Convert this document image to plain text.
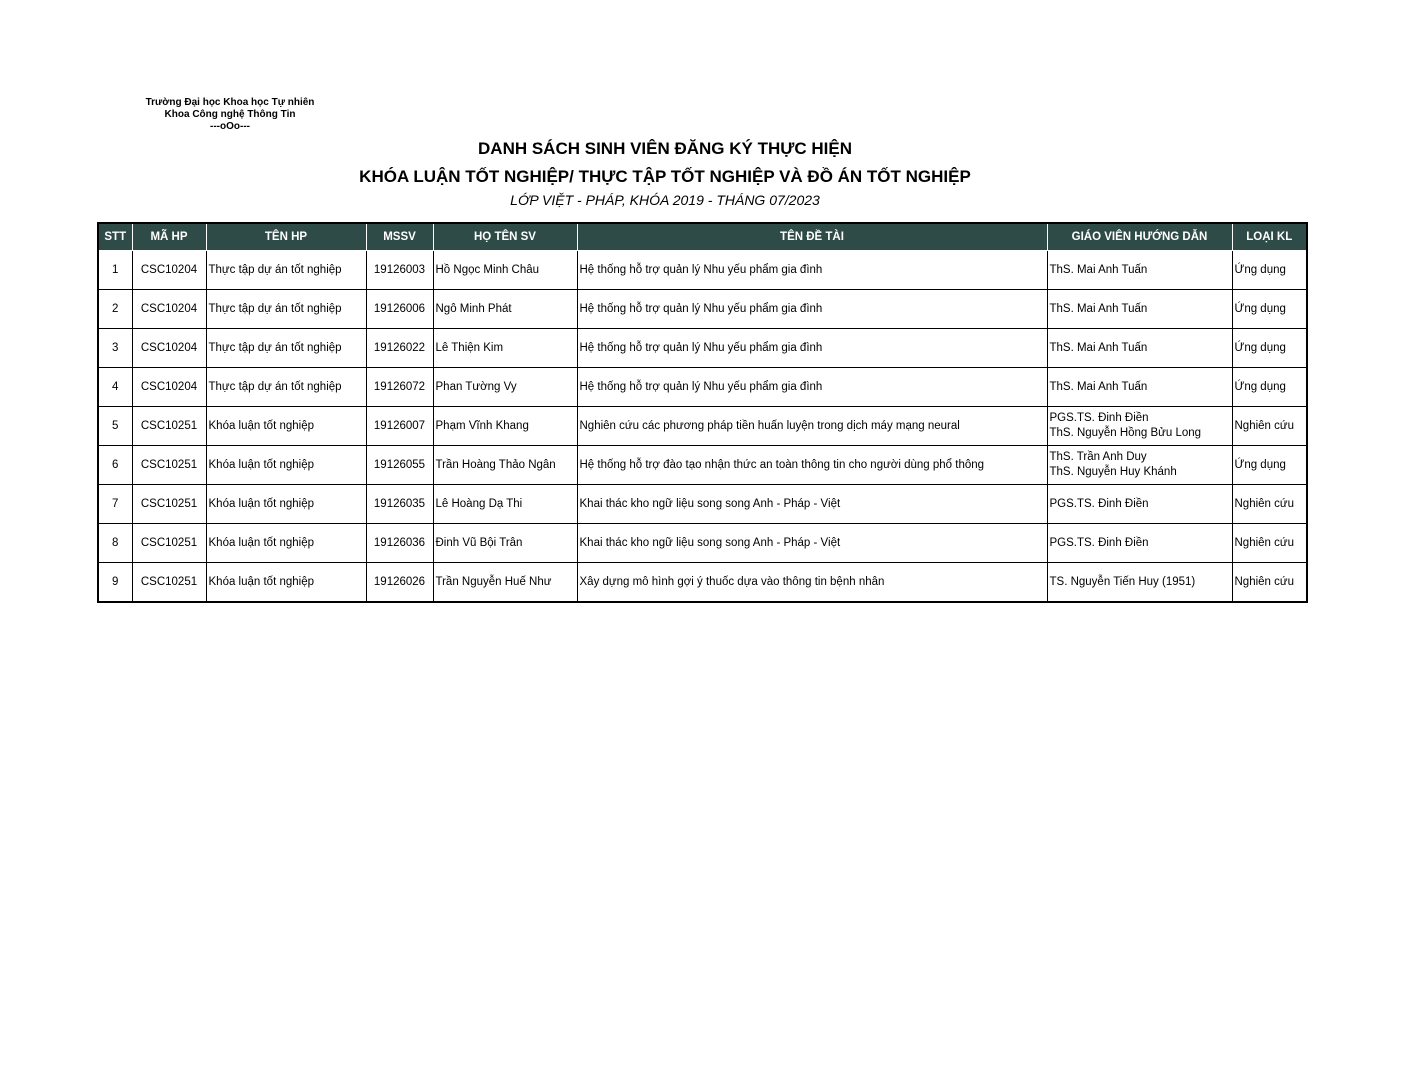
Trường Đại học Khoa học Tự nhiên
Khoa Công nghệ Thông Tin
---oOo---
DANH SÁCH SINH VIÊN ĐĂNG KÝ THỰC HIỆN
KHÓA LUẬN TỐT NGHIỆP/ THỰC TẬP TỐT NGHIỆP VÀ ĐỒ ÁN TỐT NGHIỆP
LỚP VIỆT - PHÁP, KHÓA 2019 - THÁNG 07/2023
STT	MÃ HP	TÊN HP	MSSV	HỌ TÊN SV	TÊN ĐỀ TÀI	GIÁO VIÊN HƯỚNG DẪN	LOẠI KL
1	CSC10204	Thực tập dự án tốt nghiệp	19126003	Hồ Ngọc Minh Châu	Hệ thống hỗ trợ quản lý Nhu yếu phẩm gia đình	ThS. Mai Anh Tuấn	Ứng dụng
2	CSC10204	Thực tập dự án tốt nghiệp	19126006	Ngô Minh Phát	Hệ thống hỗ trợ quản lý Nhu yếu phẩm gia đình	ThS. Mai Anh Tuấn	Ứng dụng
3	CSC10204	Thực tập dự án tốt nghiệp	19126022	Lê Thiện Kim	Hệ thống hỗ trợ quản lý Nhu yếu phẩm gia đình	ThS. Mai Anh Tuấn	Ứng dụng
4	CSC10204	Thực tập dự án tốt nghiệp	19126072	Phan Tường Vy	Hệ thống hỗ trợ quản lý Nhu yếu phẩm gia đình	ThS. Mai Anh Tuấn	Ứng dụng
5	CSC10251	Khóa luận tốt nghiệp	19126007	Phạm Vĩnh Khang	Nghiên cứu các phương pháp tiền huấn luyện trong dịch máy mạng neural	PGS.TS. Đinh Điền
ThS. Nguyễn Hồng Bửu Long	Nghiên cứu
6	CSC10251	Khóa luận tốt nghiệp	19126055	Trần Hoàng Thảo Ngân	Hệ thống hỗ trợ đào tạo nhận thức an toàn thông tin cho người dùng phổ thông	ThS. Trần Anh Duy
ThS. Nguyễn Huy Khánh	Ứng dụng
7	CSC10251	Khóa luận tốt nghiệp	19126035	Lê Hoàng Dạ Thi	Khai thác kho ngữ liệu song song Anh - Pháp - Việt	PGS.TS. Đinh Điền	Nghiên cứu
8	CSC10251	Khóa luận tốt nghiệp	19126036	Đinh Vũ Bội Trân	Khai thác kho ngữ liệu song song Anh - Pháp - Việt	PGS.TS. Đinh Điền	Nghiên cứu
9	CSC10251	Khóa luận tốt nghiệp	19126026	Trần Nguyễn Huế Như	Xây dựng mô hình gợi ý thuốc dựa vào thông tin bệnh nhân	TS. Nguyễn Tiến Huy (1951)	Nghiên cứu
